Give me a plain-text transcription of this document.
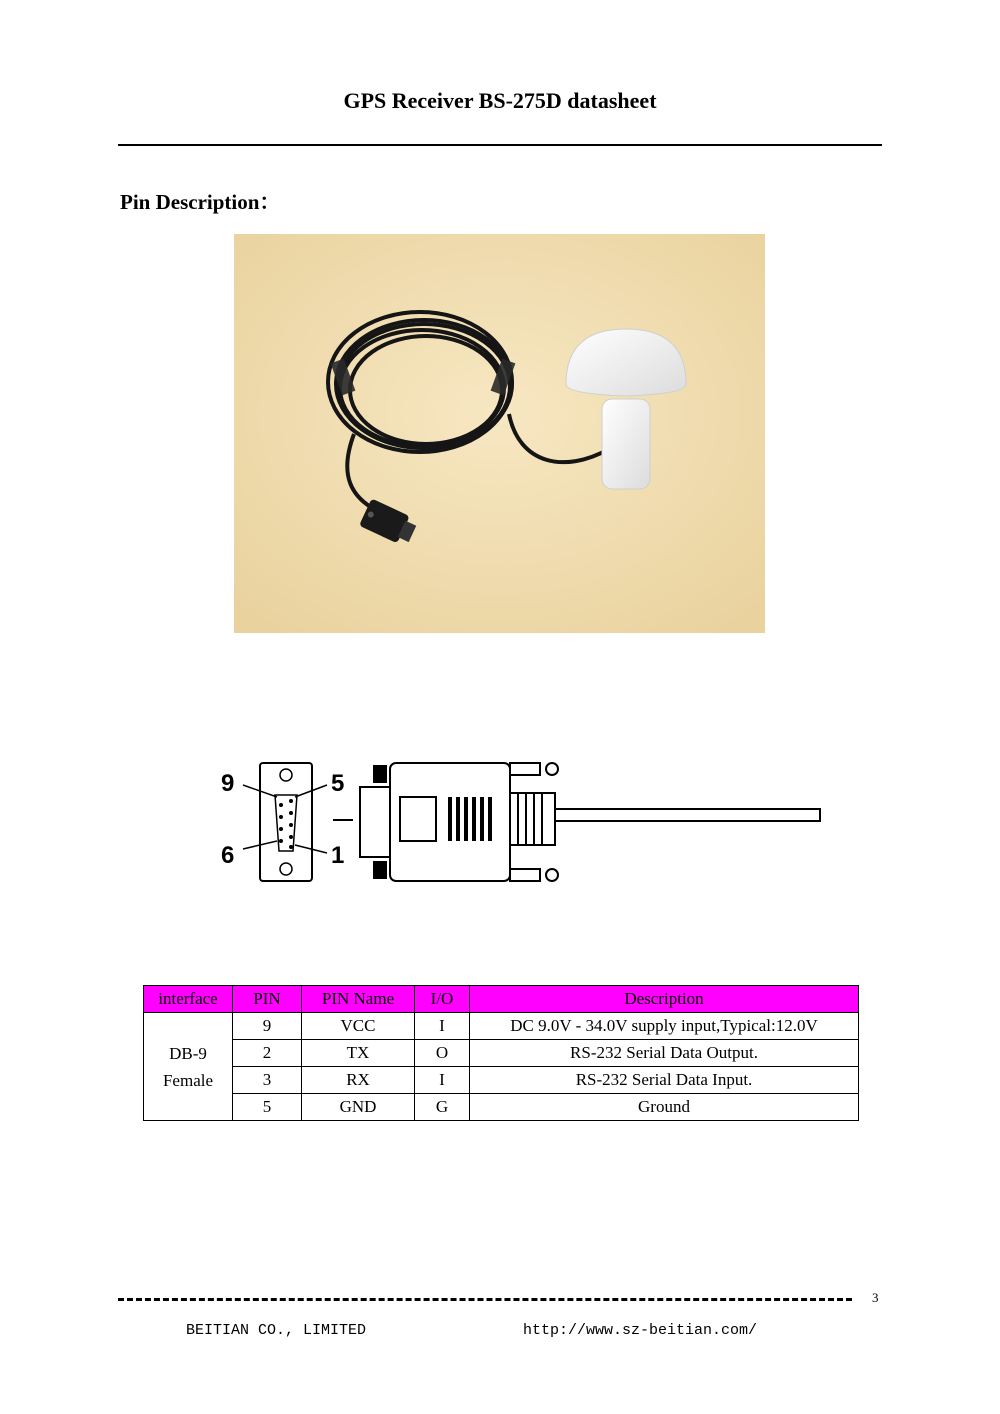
GPS Receiver BS-275D datasheet
Pin Description：
9	5
6	1
interface	PIN	PIN Name	I/O	Description
DB-9
Female	9	VCC	I	DC 9.0V - 34.0V supply input,Typical:12.0V
	2	TX	O	RS-232 Serial Data Output.
	3	RX	I	RS-232 Serial Data Input.
	5	GND	G	Ground
3
BEITIAN CO., LIMITED	http://www.sz-beitian.com/
